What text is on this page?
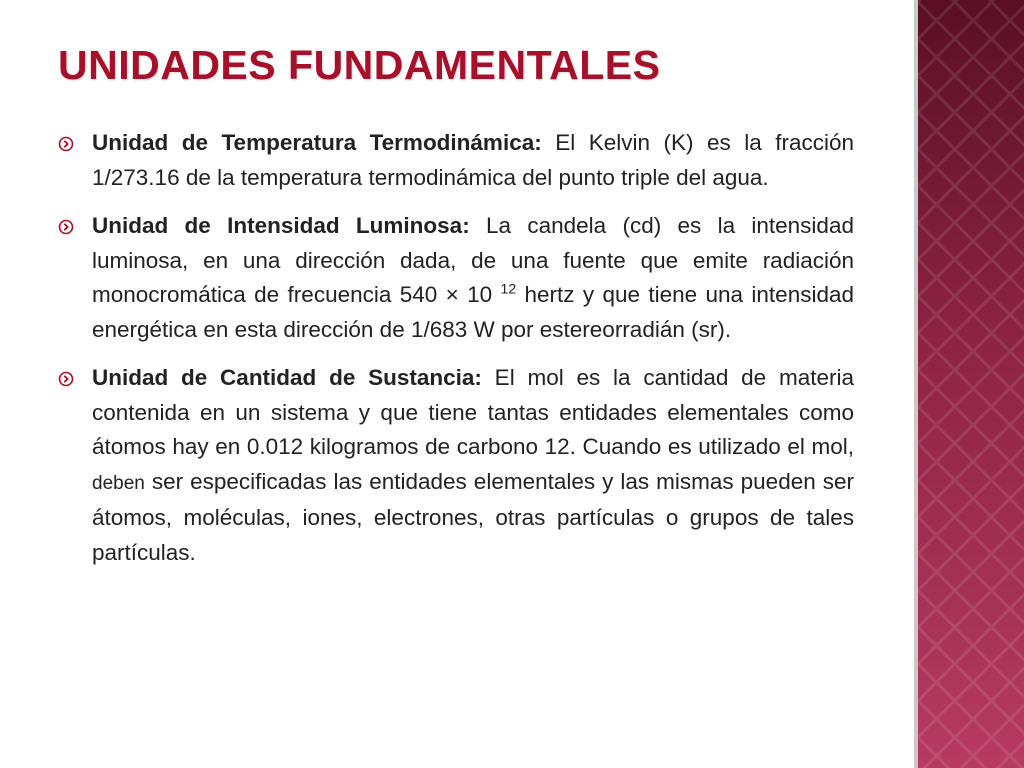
UNIDADES FUNDAMENTALES
Unidad de Temperatura Termodinámica: El Kelvin (K) es la fracción 1/273.16 de la temperatura termodinámica del punto triple del agua.
Unidad de Intensidad Luminosa: La candela (cd) es la intensidad luminosa, en una dirección dada, de una fuente que emite radiación monocromática de frecuencia 540 × 10 $^{12}$ hertz y que tiene una intensidad energética en esta dirección de 1/683 W por estereorradián (sr).
Unidad de Cantidad de Sustancia: El mol es la cantidad de materia contenida en un sistema y que tiene tantas entidades elementales como átomos hay en 0.012 kilogramos de carbono 12. Cuando es utilizado el mol, deben ser especificadas las entidades elementales y las mismas pueden ser átomos, moléculas, iones, electrones, otras partículas o grupos de tales partículas.
